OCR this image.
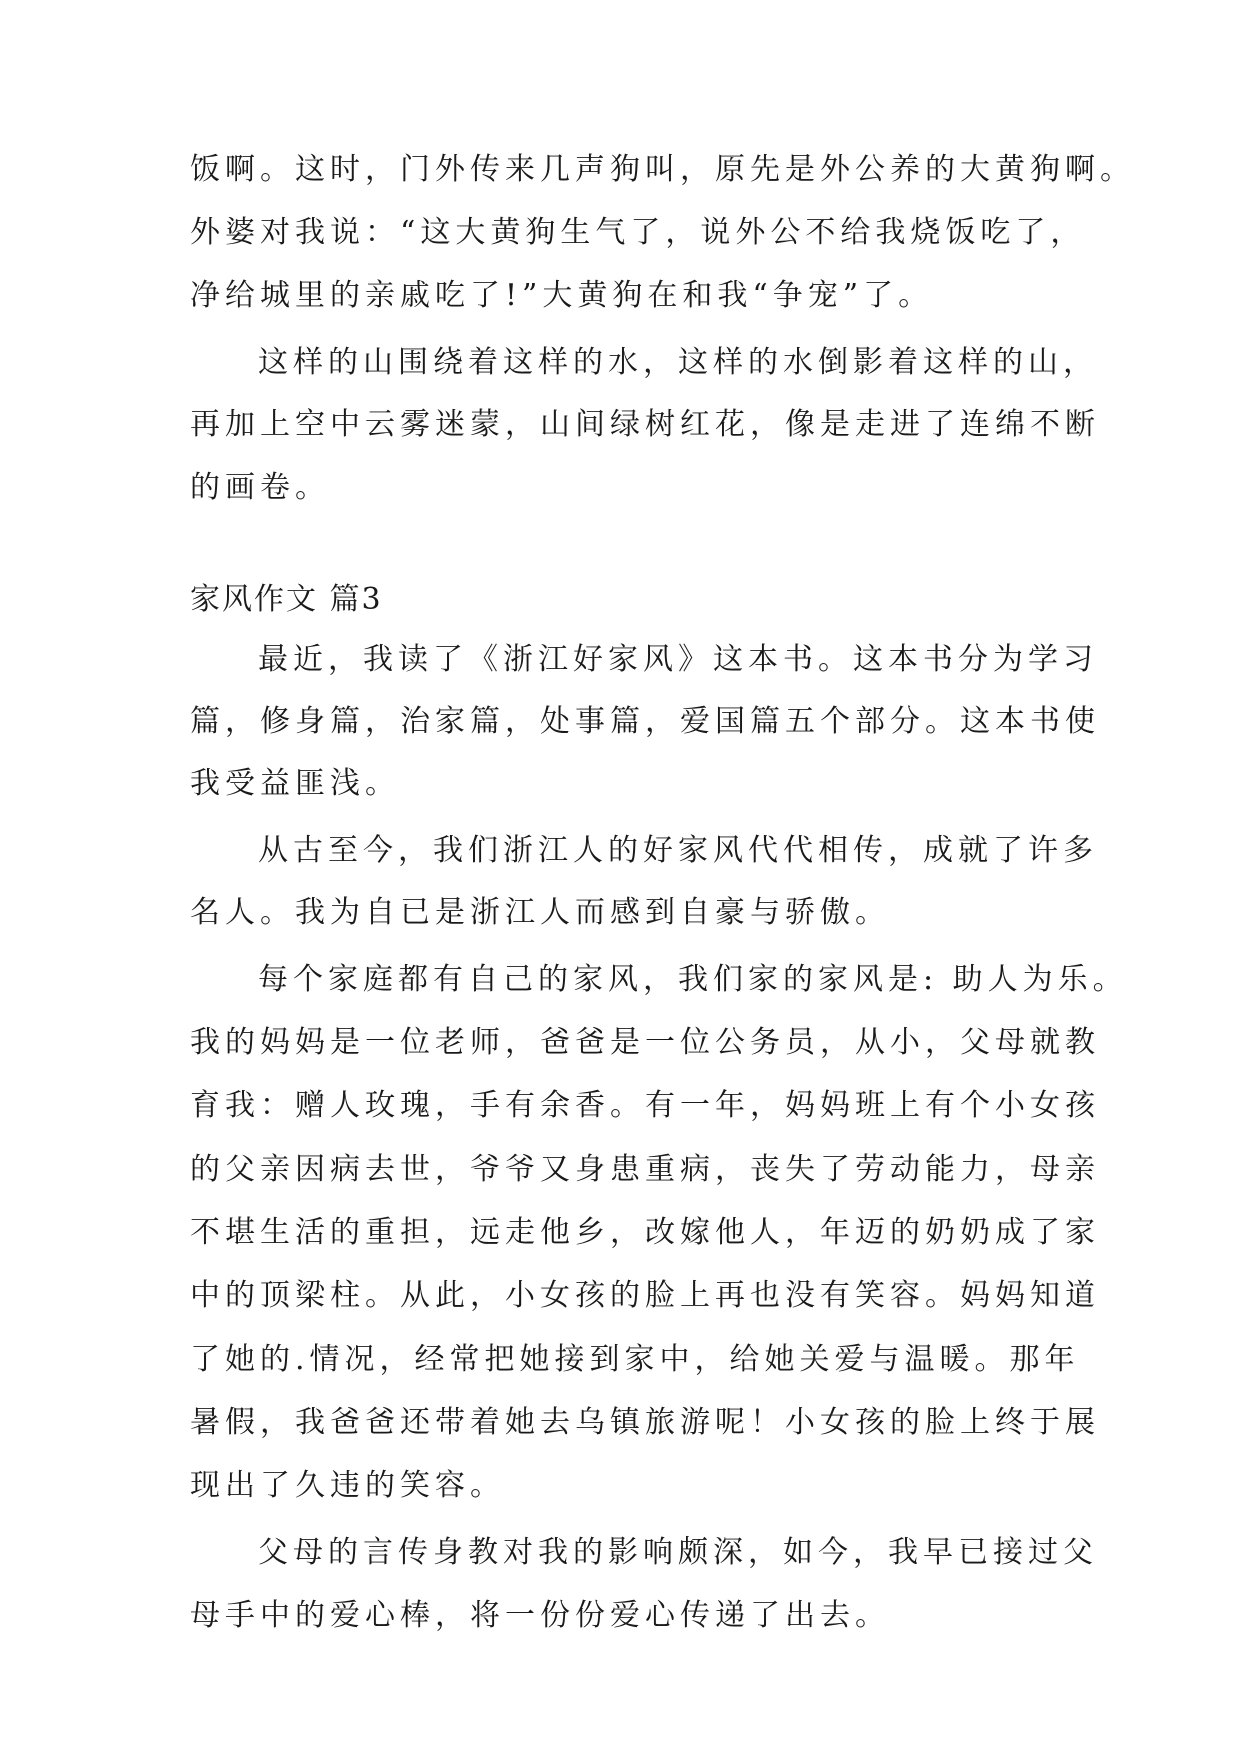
饭啊。这时，门外传来几声狗叫，原先是外公养的大黄狗啊。
外婆对我说：“这大黄狗生气了，说外公不给我烧饭吃了，
净给城里的亲戚吃了!”大黄狗在和我“争宠”了。
这样的山围绕着这样的水，这样的水倒影着这样的山，
再加上空中云雾迷蒙，山间绿树红花，像是走进了连绵不断
的画卷。
家风作文 篇3
最近，我读了《浙江好家风》这本书。这本书分为学习
篇，修身篇，治家篇，处事篇，爱国篇五个部分。这本书使
我受益匪浅。
从古至今，我们浙江人的好家风代代相传，成就了许多
名人。我为自已是浙江人而感到自豪与骄傲。
每个家庭都有自己的家风，我们家的家风是: 助人为乐。
我的妈妈是一位老师，爸爸是一位公务员，从小，父母就教
育我：赠人玫瑰，手有余香。有一年，妈妈班上有个小女孩
的父亲因病去世，爷爷又身患重病，丧失了劳动能力，母亲
不堪生活的重担，远走他乡，改嫁他人，年迈的奶奶成了家
中的顶梁柱。从此，小女孩的脸上再也没有笑容。妈妈知道
了她的.情况，经常把她接到家中，给她关爱与温暖。那年
暑假，我爸爸还带着她去乌镇旅游呢！小女孩的脸上终于展
现出了久违的笑容。
父母的言传身教对我的影响颇深，如今，我早已接过父
母手中的爱心棒，将一份份爱心传递了出去。
